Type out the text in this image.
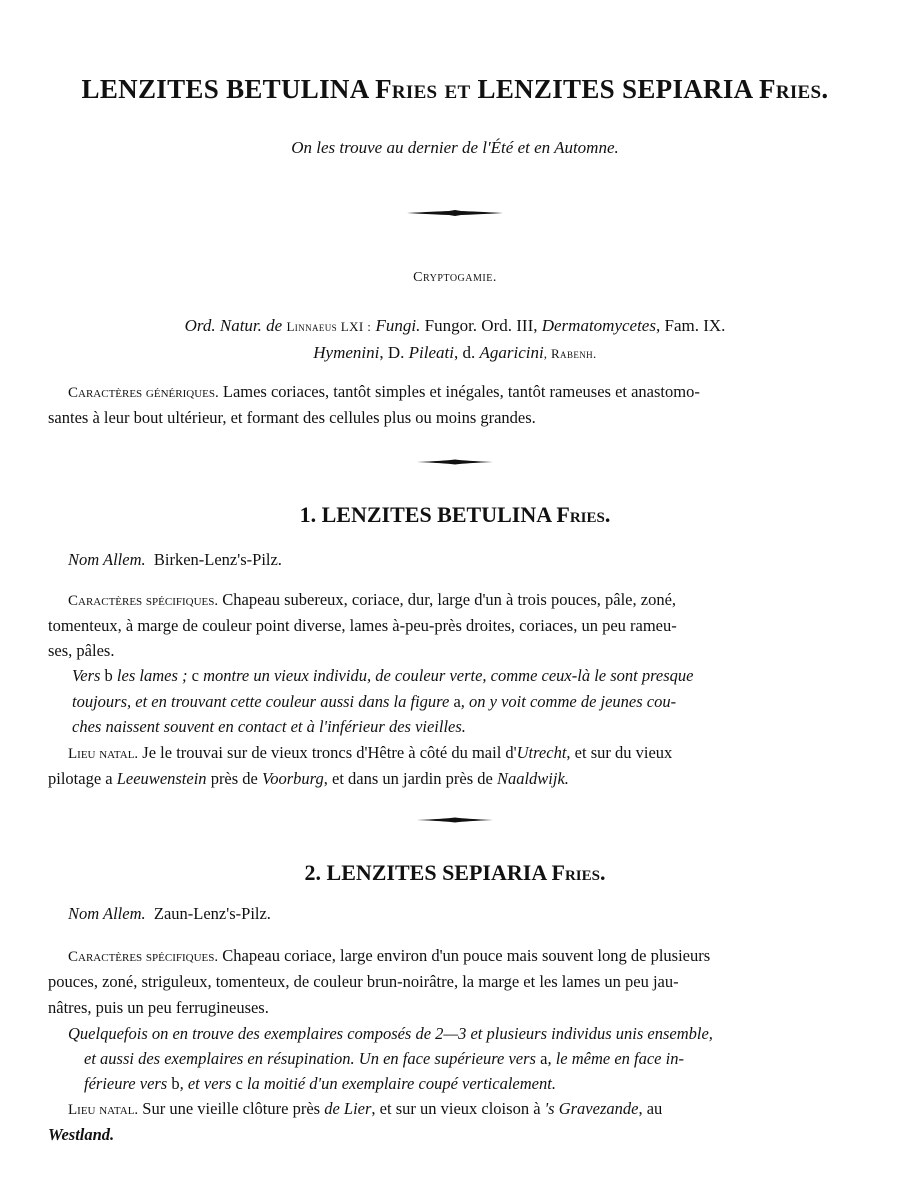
LENZITES BETULINA Fries et LENZITES SEPIARIA Fries.
On les trouve au dernier de l'Été et en Automne.
Cryptogamie.
Ord. Natur. de Linnaeus LXI : Fungi. Fungor. Ord. III, Dermatomycetes, Fam. IX.
Hymenini, D. Pileati, d. Agaricini, Rabenh.
Caractères génériques. Lames coriaces, tantôt simples et inégales, tantôt rameuses et anastomo-
santes à leur bout ultérieur, et formant des cellules plus ou moins grandes.
1. LENZITES BETULINA Fries.
Nom Allem. Birken-Lenz's-Pilz.
Caractères spécifiques. Chapeau subereux, coriace, dur, large d'un à trois pouces, pâle, zoné,
tomenteux, à marge de couleur point diverse, lames à-peu-près droites, coriaces, un peu rameu-
ses, pâles.
Vers b les lames ; c montre un vieux individu, de couleur verte, comme ceux-là le sont presque
toujours, et en trouvant cette couleur aussi dans la figure a, on y voit comme de jeunes cou-
ches naissent souvent en contact et à l'inférieur des vieilles.
Lieu natal. Je le trouvai sur de vieux troncs d'Hêtre à côté du mail d'Utrecht, et sur du vieux
pilotage a Leeuwenstein près de Voorburg, et dans un jardin près de Naaldwijk.
2. LENZITES SEPIARIA Fries.
Nom Allem. Zaun-Lenz's-Pilz.
Caractères spécifiques. Chapeau coriace, large environ d'un pouce mais souvent long de plusieurs
pouces, zoné, strigulеux, tomenteux, de couleur brun-noirâtre, la marge et les lames un peu jau-
nâtres, puis un peu ferrugineuses.
Quelquefois on en trouve des exemplaires composés de 2—3 et plusieurs individus unis ensemble,
et aussi des exemplaires en résupination. Un en face supérieure vers a, le même en face in-
férieure vers b, et vers c la moitié d'un exemplaire coupé verticalement.
Lieu natal. Sur une vieille clôture près de Lier, et sur un vieux cloison à 's Gravezande, au
Westland.
